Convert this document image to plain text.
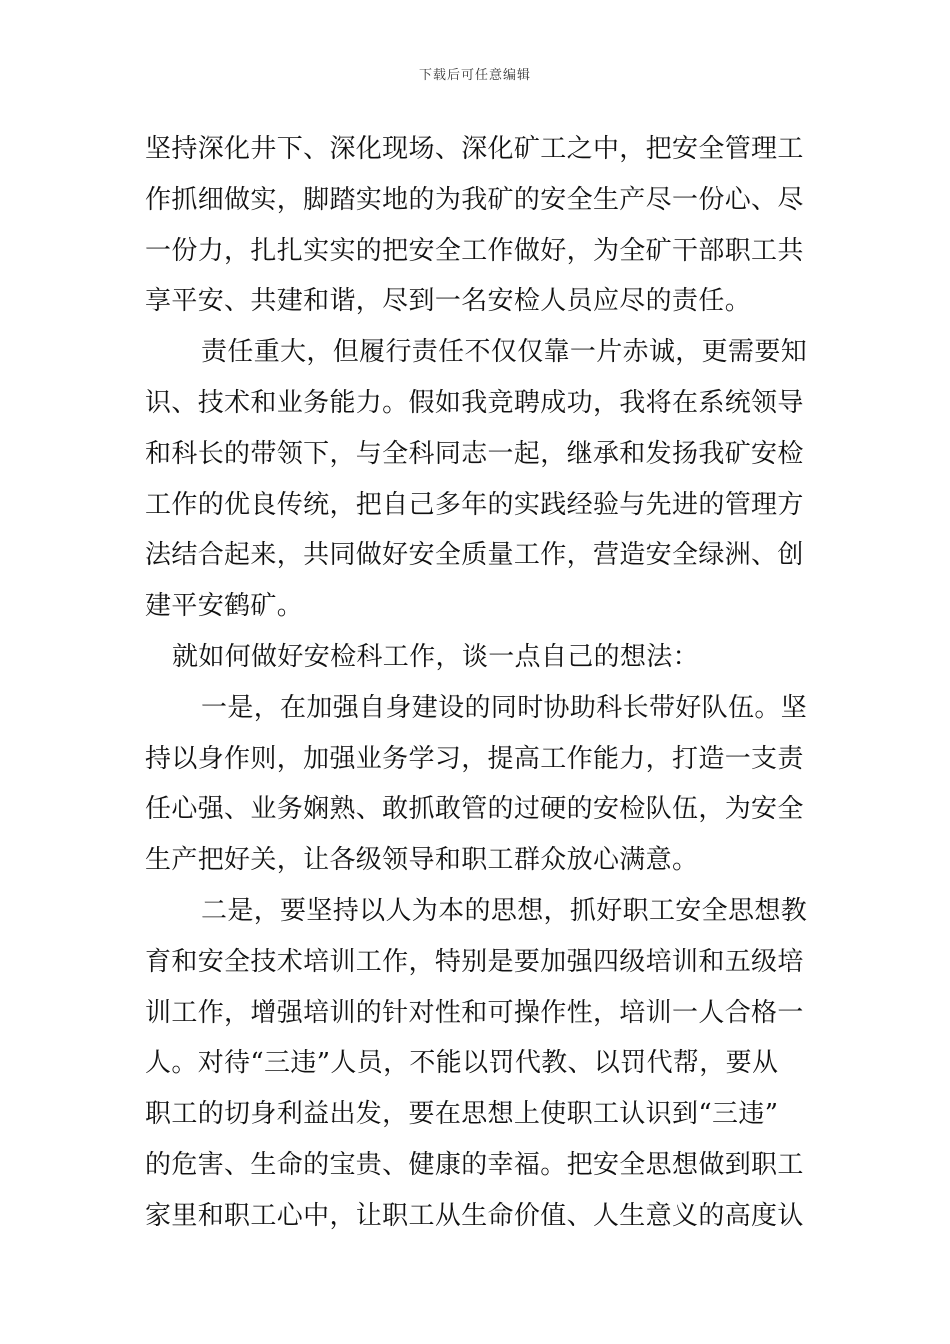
下载后可任意编辑
坚持深化井下、深化现场、深化矿工之中，把安全管理工
作抓细做实，脚踏实地的为我矿的安全生产尽一份心、尽
一份力，扎扎实实的把安全工作做好，为全矿干部职工共
享平安、共建和谐，尽到一名安检人员应尽的责任。
责任重大，但履行责任不仅仅靠一片赤诚，更需要知
识、技术和业务能力。假如我竞聘成功，我将在系统领导
和科长的带领下，与全科同志一起，继承和发扬我矿安检
工作的优良传统，把自己多年的实践经验与先进的管理方
法结合起来，共同做好安全质量工作，营造安全绿洲、创
建平安鹤矿。
就如何做好安检科工作，谈一点自己的想法：
一是，在加强自身建设的同时协助科长带好队伍。坚
持以身作则，加强业务学习，提高工作能力，打造一支责
任心强、业务娴熟、敢抓敢管的过硬的安检队伍，为安全
生产把好关，让各级领导和职工群众放心满意。
二是，要坚持以人为本的思想，抓好职工安全思想教
育和安全技术培训工作，特别是要加强四级培训和五级培
训工作，增强培训的针对性和可操作性，培训一人合格一
人。对待“三违”人员，不能以罚代教、以罚代帮，要从
职工的切身利益出发，要在思想上使职工认识到“三违”
的危害、生命的宝贵、健康的幸福。把安全思想做到职工
家里和职工心中，让职工从生命价值、人生意义的高度认
